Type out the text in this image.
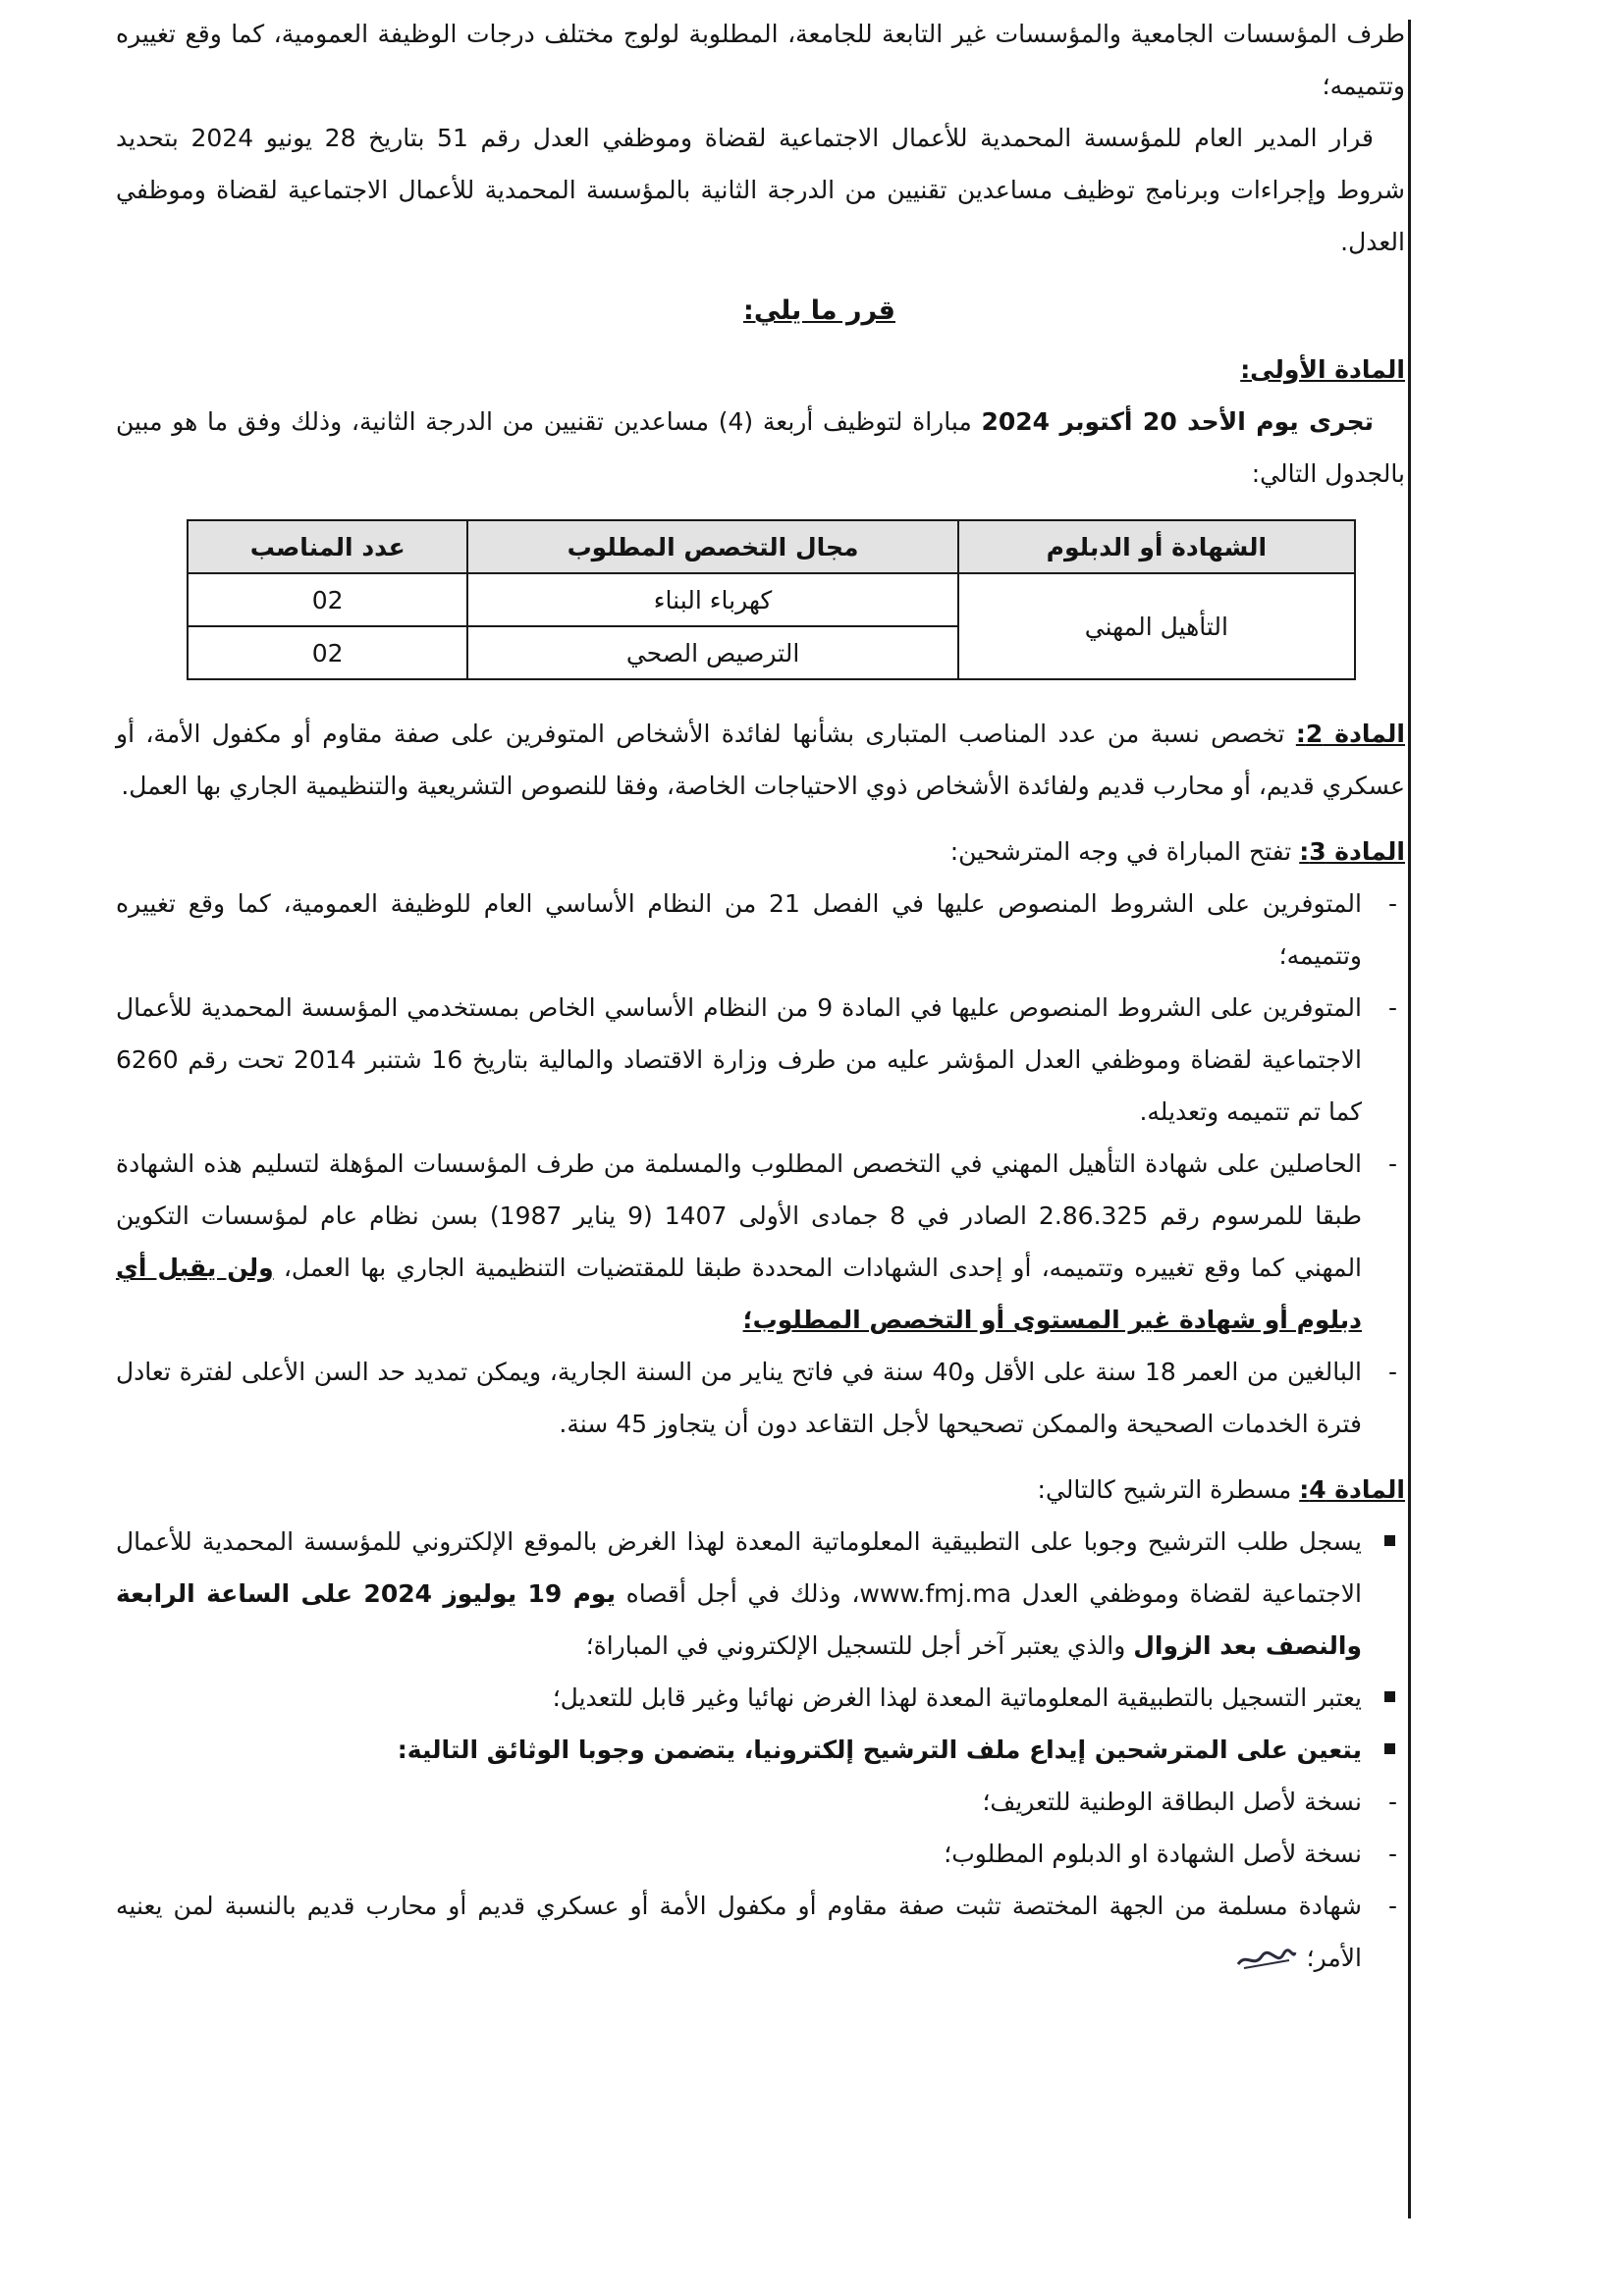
طرف المؤسسات الجامعية والمؤسسات غير التابعة للجامعة، المطلوبة لولوج مختلف درجات الوظيفة العمومية، كما وقع تغييره وتتميمه؛

قرار المدير العام للمؤسسة المحمدية للأعمال الاجتماعية لقضاة وموظفي العدل رقم 51 بتاريخ 28 يونيو 2024 بتحديد شروط وإجراءات وبرنامج توظيف مساعدين تقنيين من الدرجة الثانية بالمؤسسة المحمدية للأعمال الاجتماعية لقضاة وموظفي العدل.

قرر ما يلي:
المادة الأولى:
تجرى يوم الأحد 20 أكتوبر 2024 مباراة لتوظيف أربعة (4) مساعدين تقنيين من الدرجة الثانية، وذلك وفق ما هو مبين بالجدول التالي:
الشهادة أو الدبلوم	مجال التخصص المطلوب	عدد المناصب
التأهيل المهني	كهرباء البناء	02
	الترصيص الصحي	02
المادة 2: تخصص نسبة من عدد المناصب المتبارى بشأنها لفائدة الأشخاص المتوفرين على صفة مقاوم أو مكفول الأمة، أو عسكري قديم، أو محارب قديم ولفائدة الأشخاص ذوي الاحتياجات الخاصة، وفقا للنصوص التشريعية والتنظيمية الجاري بها العمل.
المادة 3: تفتح المباراة في وجه المترشحين:
- المتوفرين على الشروط المنصوص عليها في الفصل 21 من النظام الأساسي العام للوظيفة العمومية، كما وقع تغييره وتتميمه؛
- المتوفرين على الشروط المنصوص عليها في المادة 9 من النظام الأساسي الخاص بمستخدمي المؤسسة المحمدية للأعمال الاجتماعية لقضاة وموظفي العدل المؤشر عليه من طرف وزارة الاقتصاد والمالية بتاريخ 16 شتنبر 2014 تحت رقم 6260 كما تم تتميمه وتعديله.
- الحاصلين على شهادة التأهيل المهني في التخصص المطلوب والمسلمة من طرف المؤسسات المؤهلة لتسليم هذه الشهادة طبقا للمرسوم رقم 2.86.325 الصادر في 8 جمادى الأولى 1407 (9 يناير 1987) بسن نظام عام لمؤسسات التكوين المهني كما وقع تغييره وتتميمه، أو إحدى الشهادات المحددة طبقا للمقتضيات التنظيمية الجاري بها العمل، ولن يقبل أي دبلوم أو شهادة غير المستوى أو التخصص المطلوب؛
- البالغين من العمر 18 سنة على الأقل و40 سنة في فاتح يناير من السنة الجارية، ويمكن تمديد حد السن الأعلى لفترة تعادل فترة الخدمات الصحيحة والممكن تصحيحها لأجل التقاعد دون أن يتجاوز 45 سنة.
المادة 4: مسطرة الترشيح كالتالي:
يسجل طلب الترشيح وجوبا على التطبيقية المعلوماتية المعدة لهذا الغرض بالموقع الإلكتروني للمؤسسة المحمدية للأعمال الاجتماعية لقضاة وموظفي العدل www.fmj.ma، وذلك في أجل أقصاه يوم 19 يوليوز 2024 على الساعة الرابعة والنصف بعد الزوال والذي يعتبر آخر أجل للتسجيل الإلكتروني في المباراة؛
يعتبر التسجيل بالتطبيقية المعلوماتية المعدة لهذا الغرض نهائيا وغير قابل للتعديل؛
يتعين على المترشحين إيداع ملف الترشيح إلكترونيا، يتضمن وجوبا الوثائق التالية:
- نسخة لأصل البطاقة الوطنية للتعريف؛
- نسخة لأصل الشهادة او الدبلوم المطلوب؛
- شهادة مسلمة من الجهة المختصة تثبت صفة مقاوم أو مكفول الأمة أو عسكري قديم أو محارب قديم بالنسبة لمن يعنيه الأمر؛
